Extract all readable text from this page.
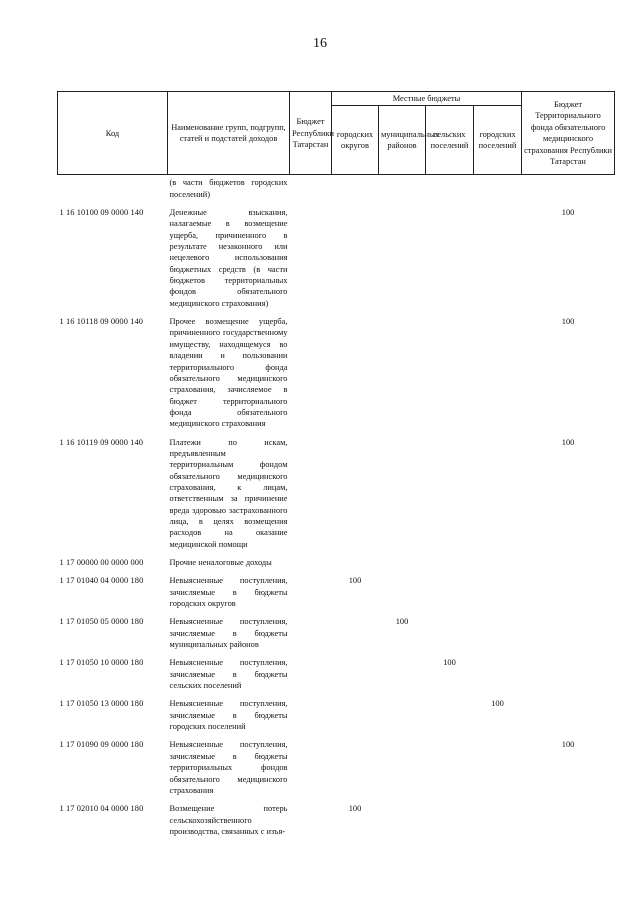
16
Код	Наименование групп, подгрупп, статей и подстатей доходов	Бюджет Республики Татарстан	Местные бюджеты				Бюджет Территориального фонда обязательного медицинского страхования Республики Татарстан
			городских округов	муниципальных районов	сельских поселений	городских поселений	
	(в части бюджетов городских поселений)						
1 16 10100 09 0000 140	Денежные взыскания, налагаемые в возмещение ущерба, причиненного в результате незаконного или нецелевого использования бюджетных средств (в части бюджетов территориальных фондов обязательного медицинского страхования)						100
1 16 10118 09 0000 140	Прочее возмещение ущерба, причиненного государственному имуществу, находящемуся во владении и пользовании территориального фонда обязательного медицинского страхования, зачисляемое в бюджет территориального фонда обязательного медицинского страхования						100
1 16 10119 09 0000 140	Платежи по искам, предъявленным территориальным фондом обязательного медицинского страхования, к лицам, ответственным за причинение вреда здоровью застрахованного лица, в целях возмещения расходов на оказание медицинской помощи						100
1 17 00000 00 0000 000	Прочие неналоговые доходы						
1 17 01040 04 0000 180	Невыясненные поступления, зачисляемые в бюджеты городских округов		100				
1 17 01050 05 0000 180	Невыясненные поступления, зачисляемые в бюджеты муниципальных районов			100			
1 17 01050 10 0000 180	Невыясненные поступления, зачисляемые в бюджеты сельских поселений				100		
1 17 01050 13 0000 180	Невыясненные поступления, зачисляемые в бюджеты городских поселений					100	
1 17 01090 09 0000 180	Невыясненные поступления, зачисляемые в бюджеты территориальных фондов обязательного медицинского страхования						100
1 17 02010 04 0000 180	Возмещение потерь сельскохозяйственного производства, связанных с изъя-		100				
